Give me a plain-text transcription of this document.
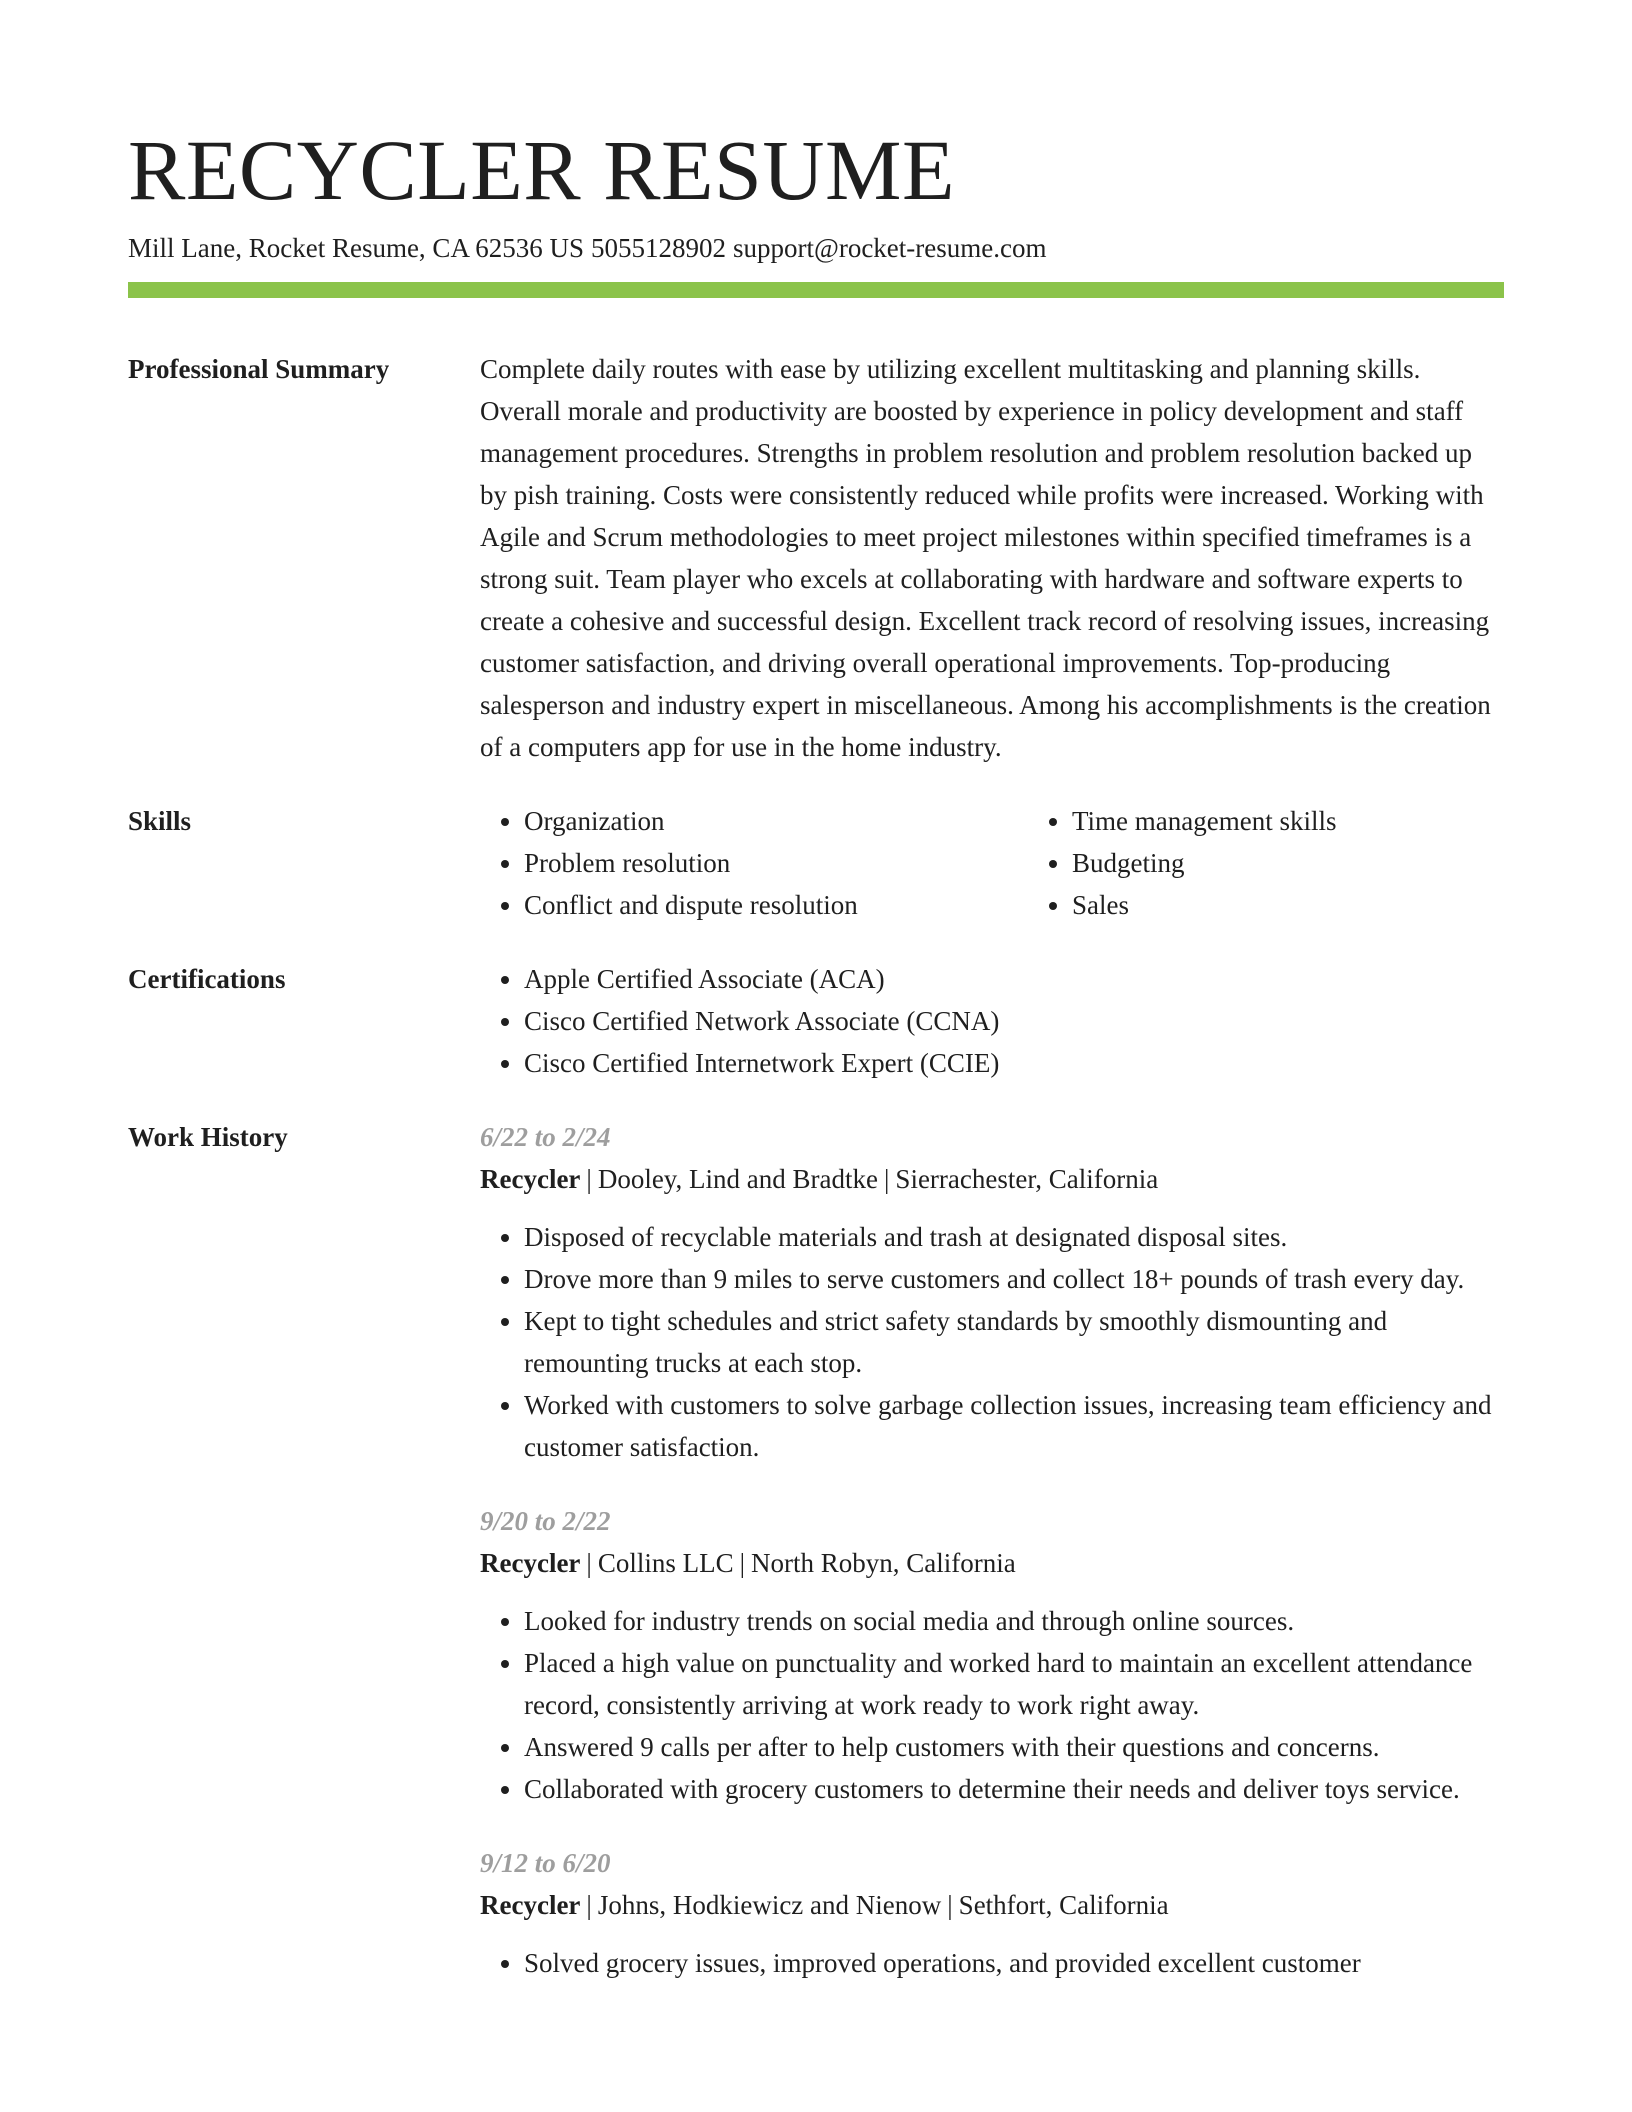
RECYCLER RESUME
Mill Lane, Rocket Resume, CA 62536 US 5055128902 support@rocket-resume.com
Professional Summary	Complete daily routes with ease by utilizing excellent multitasking and planning skills. Overall morale and productivity are boosted by experience in policy development and staff management procedures. Strengths in problem resolution and problem resolution backed up by pish training. Costs were consistently reduced while profits were increased. Working with Agile and Scrum methodologies to meet project milestones within specified timeframes is a strong suit. Team player who excels at collaborating with hardware and software experts to create a cohesive and successful design. Excellent track record of resolving issues, increasing customer satisfaction, and driving overall operational improvements. Top-producing salesperson and industry expert in miscellaneous. Among his accomplishments is the creation of a computers app for use in the home industry.

Skills	• Organization
• Problem resolution
• Conflict and dispute resolution
• Time management skills
• Budgeting
• Sales
Certifications	• Apple Certified Associate (ACA)
• Cisco Certified Network Associate (CCNA)
• Cisco Certified Internetwork Expert (CCIE)
Work History	6/22 to 2/24
Recycler | Dooley, Lind and Bradtke | Sierrachester, California
• Disposed of recyclable materials and trash at designated disposal sites.
• Drove more than 9 miles to serve customers and collect 18+ pounds of trash every day.
• Kept to tight schedules and strict safety standards by smoothly dismounting and remounting trucks at each stop.
• Worked with customers to solve garbage collection issues, increasing team efficiency and customer satisfaction.
9/20 to 2/22
Recycler | Collins LLC | North Robyn, California
• Looked for industry trends on social media and through online sources.
• Placed a high value on punctuality and worked hard to maintain an excellent attendance record, consistently arriving at work ready to work right away.
• Answered 9 calls per after to help customers with their questions and concerns.
• Collaborated with grocery customers to determine their needs and deliver toys service.
9/12 to 6/20
Recycler | Johns, Hodkiewicz and Nienow | Sethfort, California
• Solved grocery issues, improved operations, and provided excellent customer
